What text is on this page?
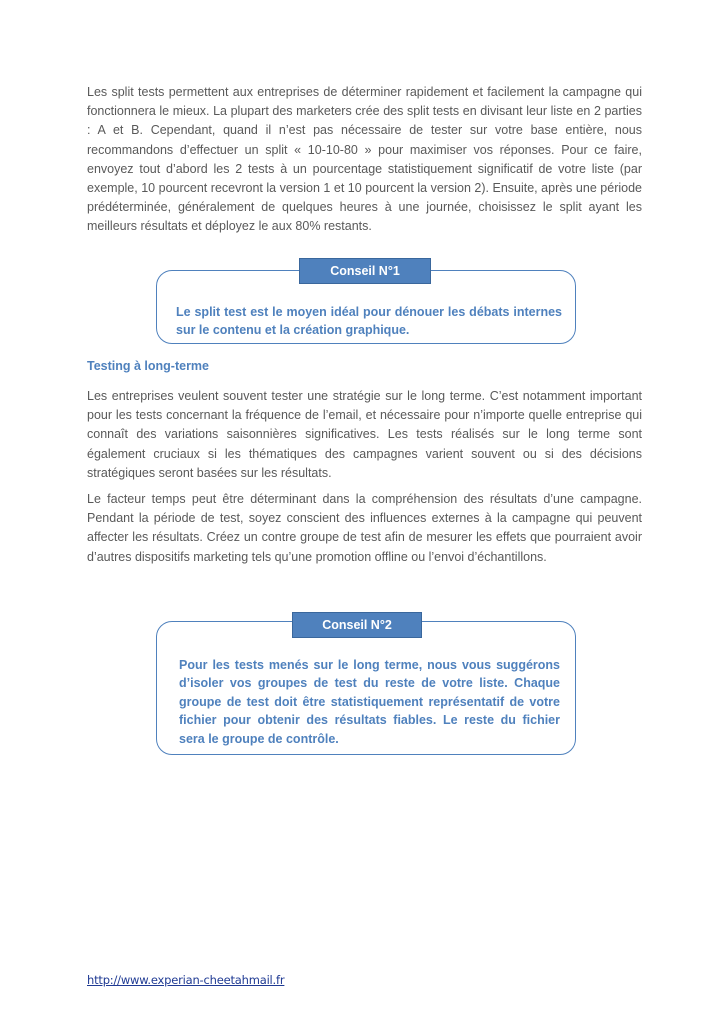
Les split tests permettent aux entreprises de déterminer rapidement et facilement la campagne qui fonctionnera le mieux. La plupart des marketers crée des split tests en divisant leur liste en 2 parties : A et B. Cependant, quand il n’est pas nécessaire de tester sur votre base entière, nous recommandons d’effectuer un split « 10-10-80 » pour maximiser vos réponses. Pour ce faire, envoyez tout d’abord les 2 tests à un pourcentage statistiquement significatif de votre liste (par exemple, 10 pourcent recevront la version 1 et 10 pourcent la version 2). Ensuite, après une période prédéterminée, généralement de quelques heures à une journée, choisissez le split ayant les meilleurs résultats et déployez le aux 80% restants.

Conseil N°1

Le split test est le moyen idéal pour dénouer les débats internes sur le contenu et la création graphique.

Testing à long-terme

Les entreprises veulent souvent tester une stratégie sur le long terme. C’est notamment important pour les tests concernant la fréquence de l’email, et nécessaire pour n’importe quelle entreprise qui connaît des variations saisonnières significatives. Les tests réalisés sur le long terme sont également cruciaux si les thématiques des campagnes varient souvent ou si des décisions stratégiques seront basées sur les résultats.

Le facteur temps peut être déterminant dans la compréhension des résultats d’une campagne. Pendant la période de test, soyez conscient des influences externes à la campagne qui peuvent affecter les résultats. Créez un contre groupe de test afin de mesurer les effets que pourraient avoir d’autres dispositifs marketing tels qu’une promotion offline ou l’envoi d’échantillons.

Conseil N°2

Pour les tests menés sur le long terme, nous vous suggérons d’isoler vos groupes de test du reste de votre liste. Chaque groupe de test doit être statistiquement représentatif de votre fichier pour obtenir des résultats fiables. Le reste du fichier sera le groupe de contrôle.

http://www.experian-cheetahmail.fr
